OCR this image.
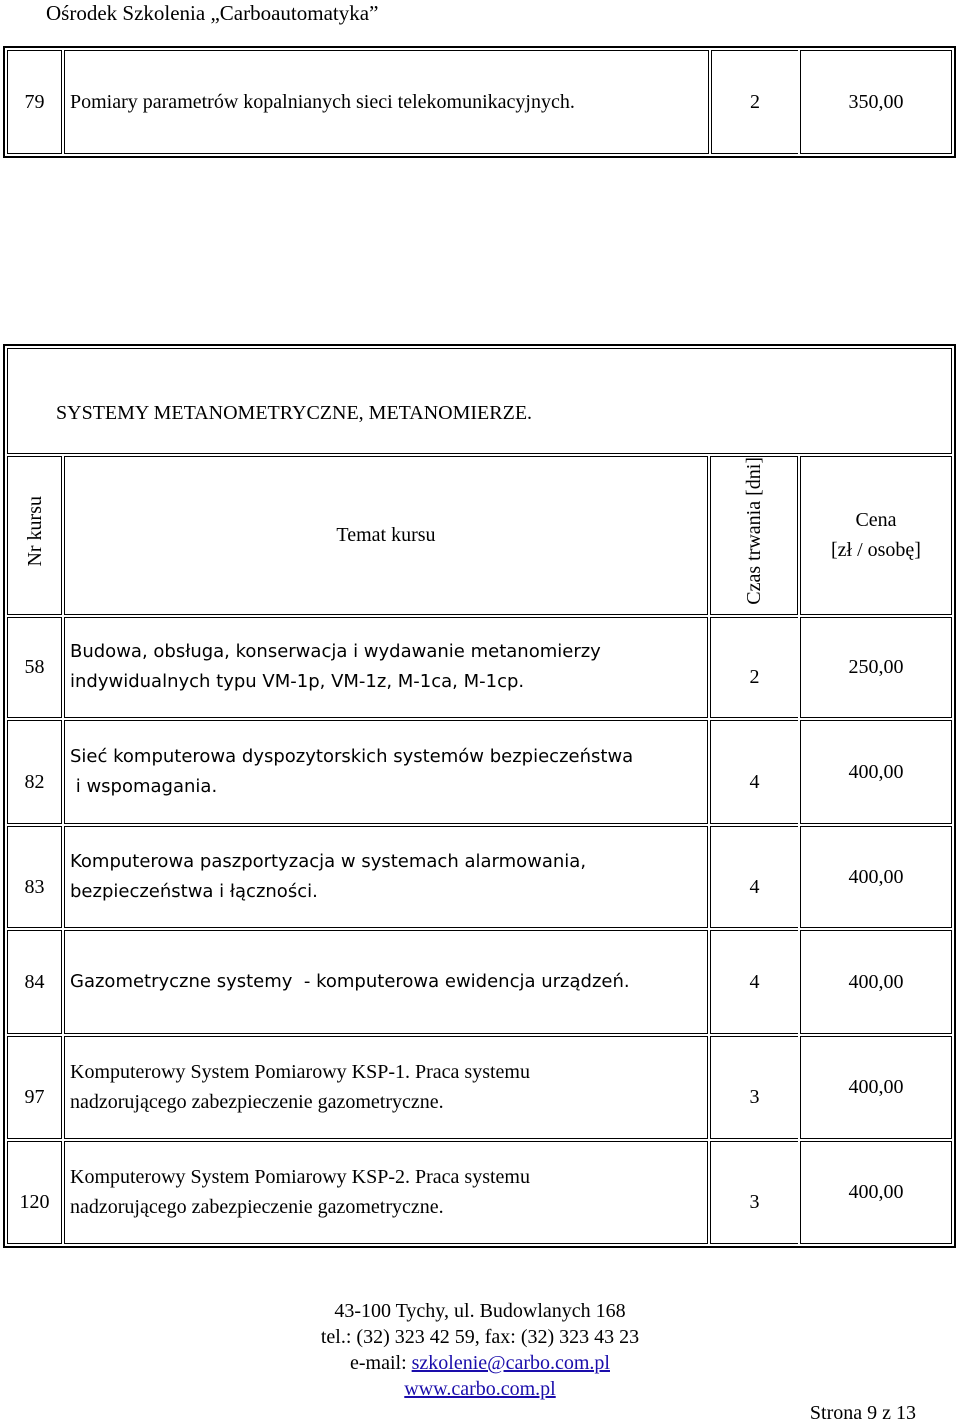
Ośrodek Szkolenia „Carboautomatyka”
79	Pomiary parametrów kopalnianych sieci telekomunikacyjnych.	2	350,00
SYSTEMY METANOMETRYCZNE, METANOMIERZE.			
Nr kursu	Temat kursu	Czas trwania [dni]	Cena
[zł / osobę]

58	Budowa, obsługa, konserwacja i wydawanie metanomierzy
indywidualnych typu VM-1p, VM-1z, M-1ca, M-1cp.	2	250,00
82	Sieć komputerowa dyspozytorskich systemów bezpieczeństwa
i wspomagania.	4	400,00
83	Komputerowa paszportyzacja w systemach alarmowania,
bezpieczeństwa i łączności.	4	400,00
84	Gazometryczne systemy  - komputerowa ewidencja urządzeń.	4	400,00
97	Komputerowy System Pomiarowy KSP-1. Praca systemu
nadzorującego zabezpieczenie gazometryczne.	3	400,00
120	Komputerowy System Pomiarowy KSP-2. Praca systemu
nadzorującego zabezpieczenie gazometryczne.	3	400,00
43-100 Tychy, ul. Budowlanych 168
tel.: (32) 323 42 59, fax: (32) 323 43 23
e-mail: szkolenie@carbo.com.pl
www.carbo.com.pl
Strona 9 z 13
